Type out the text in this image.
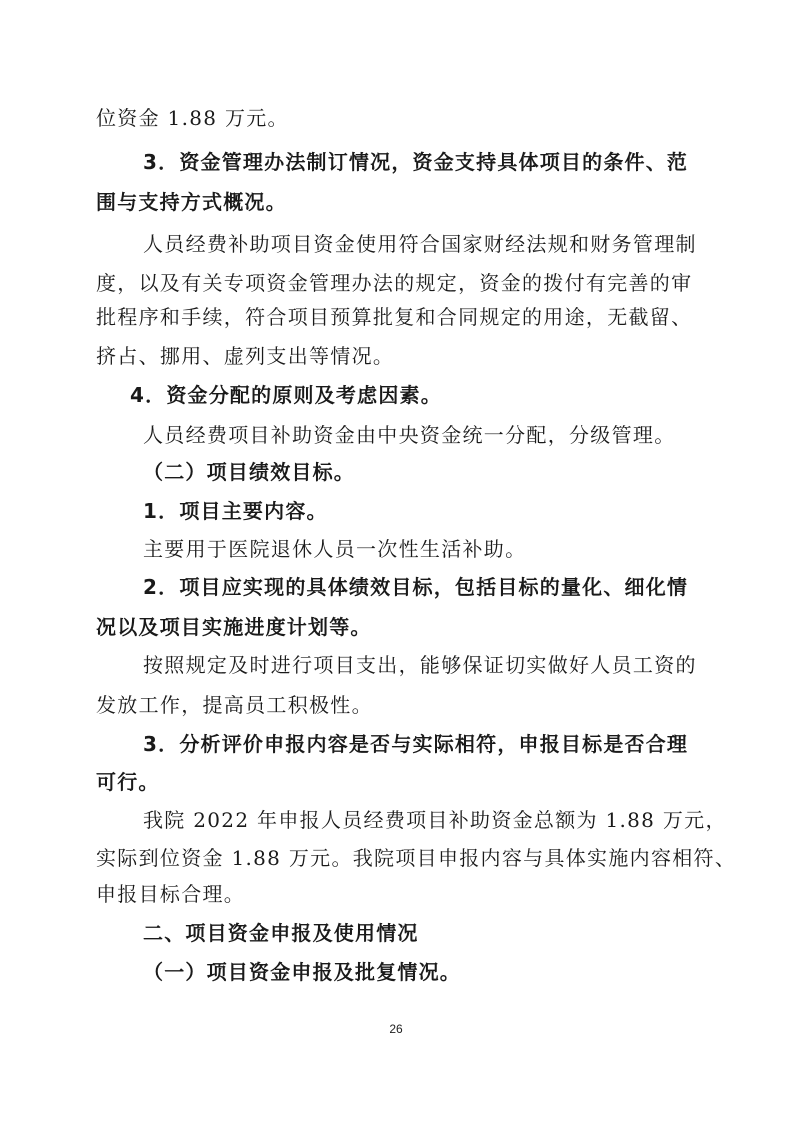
位资金 1.88 万元。
3．资金管理办法制订情况，资金支持具体项目的条件、范
围与支持方式概况。
人员经费补助项目资金使用符合国家财经法规和财务管理制
度，以及有关专项资金管理办法的规定，资金的拨付有完善的审
批程序和手续，符合项目预算批复和合同规定的用途，无截留、
挤占、挪用、虚列支出等情况。
4．资金分配的原则及考虑因素。
人员经费项目补助资金由中央资金统一分配，分级管理。
（二）项目绩效目标。
1．项目主要内容。
主要用于医院退休人员一次性生活补助。
2．项目应实现的具体绩效目标，包括目标的量化、细化情
况以及项目实施进度计划等。
按照规定及时进行项目支出，能够保证切实做好人员工资的
发放工作，提高员工积极性。
3．分析评价申报内容是否与实际相符，申报目标是否合理
可行。
我院 2022 年申报人员经费项目补助资金总额为 1.88 万元，
实际到位资金 1.88 万元。我院项目申报内容与具体实施内容相符、
申报目标合理。
二、项目资金申报及使用情况
（一）项目资金申报及批复情况。
26
